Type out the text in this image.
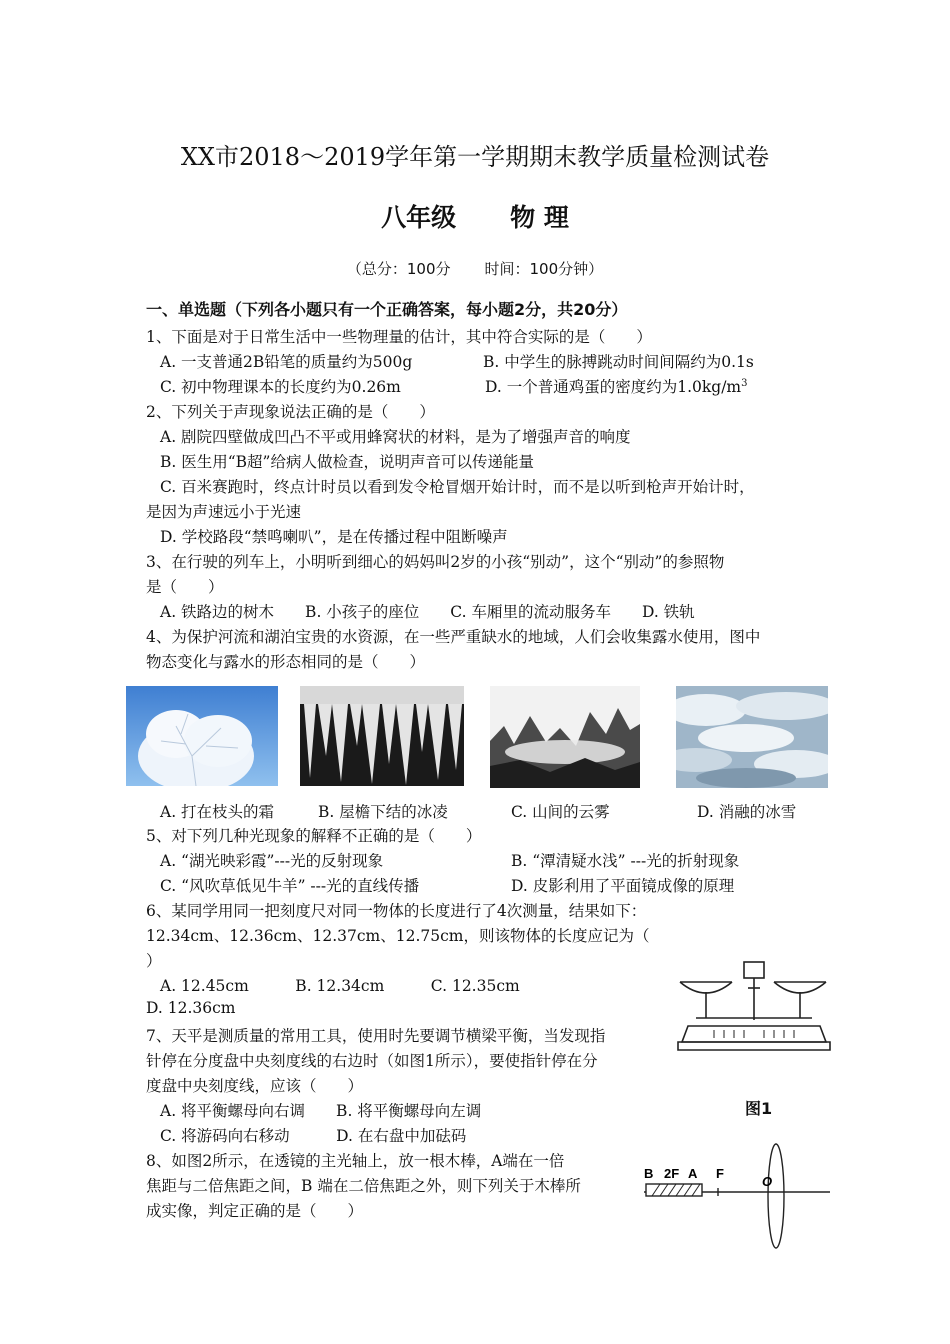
XX市2018～2019学年第一学期期末教学质量检测试卷
八年级 物 理
（总分：100分 时间：100分钟）
一、单选题（下列各小题只有一个正确答案，每小题2分，共20分）
1、下面是对于日常生活中一些物理量的估计，其中符合实际的是（　　）
A. 一支普通2B铅笔的质量约为500g	B. 中学生的脉搏跳动时间间隔约为0.1s
C. 初中物理课本的长度约为0.26m	D. 一个普通鸡蛋的密度约为$1.0kg/m^3$
2、下列关于声现象说法正确的是（　　）
A. 剧院四壁做成凹凸不平或用蜂窝状的材料，是为了增强声音的响度
B. 医生用“B超”给病人做检查，说明声音可以传递能量
C. 百米赛跑时，终点计时员以看到发令枪冒烟开始计时，而不是以听到枪声开始计时，
是因为声速远小于光速
D. 学校路段“禁鸣喇叭”，是在传播过程中阻断噪声
3、在行驶的列车上，小明听到细心的妈妈叫2岁的小孩“别动”，这个“别动”的参照物
是（　　）
A. 铁路边的树木　　B. 小孩子的座位　　C. 车厢里的流动服务车　　D. 铁轨
4、为保护河流和湖泊宝贵的水资源，在一些严重缺水的地域，人们会收集露水使用，图中
物态变化与露水的形态相同的是（　　）
A. 打在枝头的霜	B. 屋檐下结的冰凌	C. 山间的云雾	D. 消融的冰雪
5、对下列几种光现象的解释不正确的是（　　）
A. “湖光映彩霞”---光的反射现象	B. “潭清疑水浅” ---光的折射现象
C. “风吹草低见牛羊” ---光的直线传播	D. 皮影利用了平面镜成像的原理
6、某同学用同一把刻度尺对同一物体的长度进行了4次测量，结果如下：
12.34cm、12.36cm、12.37cm、12.75cm，则该物体的长度应记为（
）
A. 12.45cm　　　B. 12.34cm　　　C. 12.35cm
D. 12.36cm
7、天平是测质量的常用工具，使用时先要调节横梁平衡，当发现指
针停在分度盘中央刻度线的右边时（如图1所示），要使指针停在分
度盘中央刻度线，应该（　　）
A. 将平衡螺母向右调　　B. 将平衡螺母向左调
C. 将游码向右移动　　　D. 在右盘中加砝码
图1
8、如图2所示，在透镜的主光轴上，放一根木棒，A端在一倍
焦距与二倍焦距之间，B 端在二倍焦距之外，则下列关于木棒所
成实像，判定正确的是（　　）
B 2F A F
O
